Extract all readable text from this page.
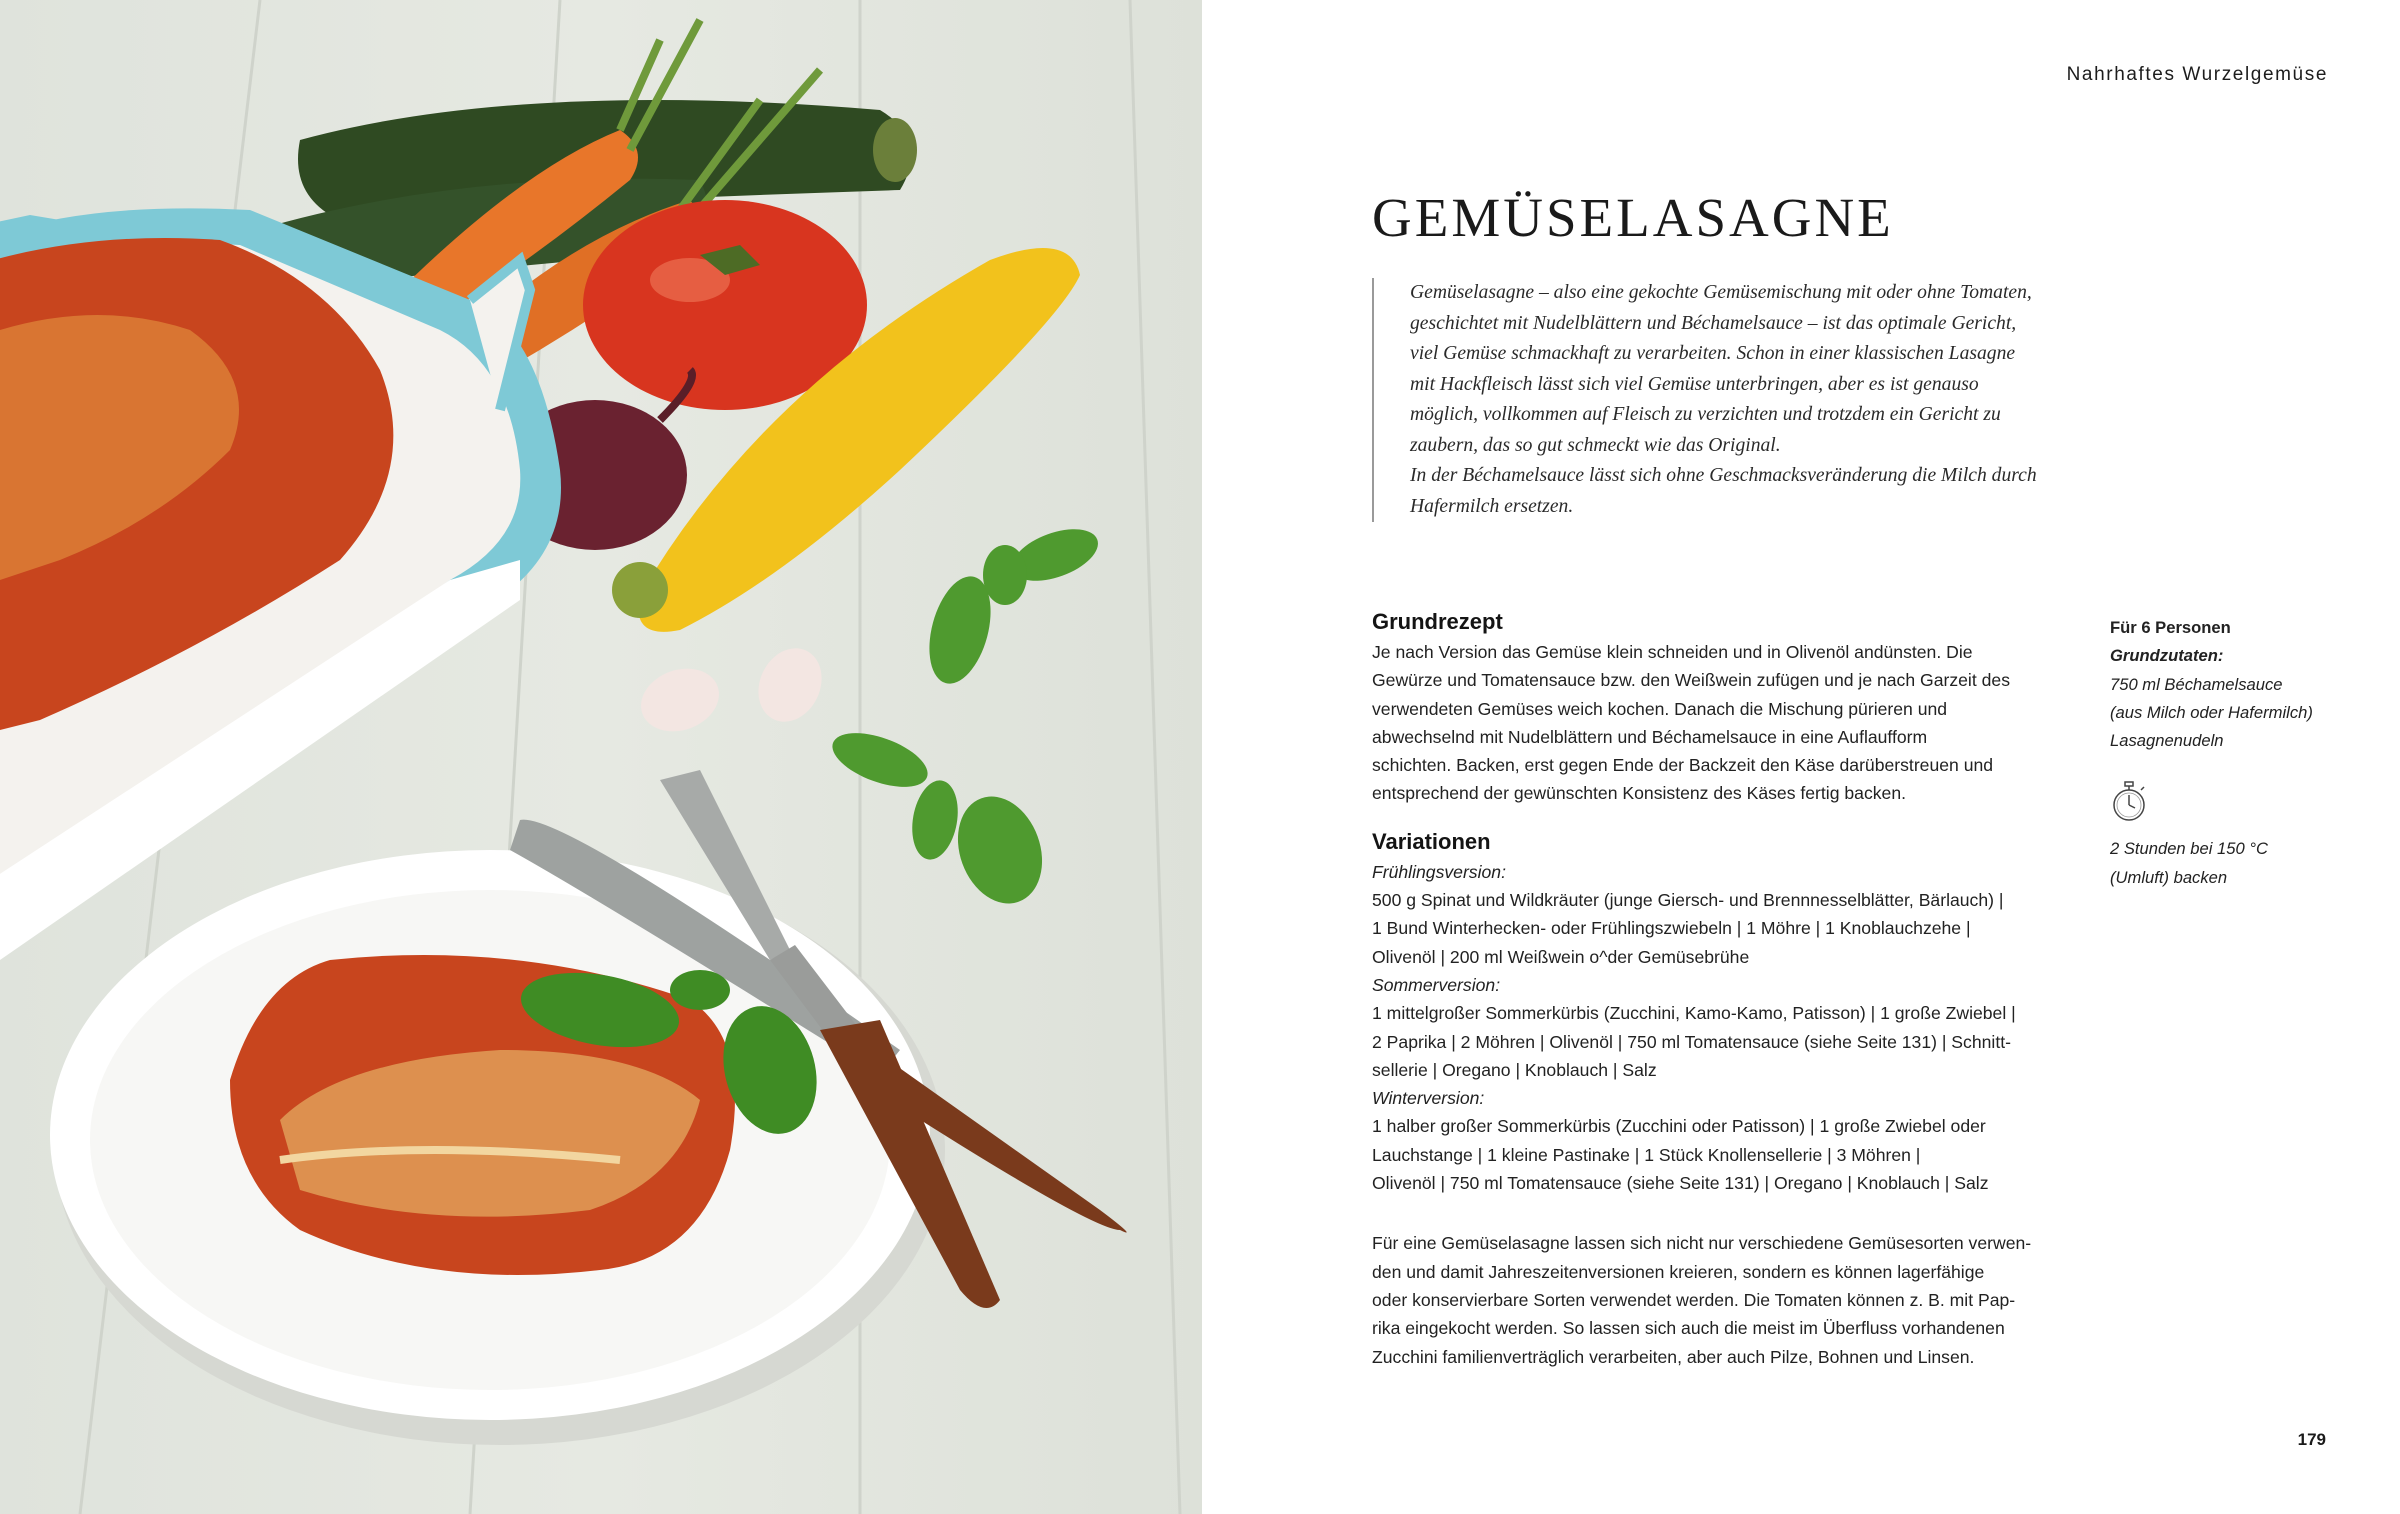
Nahrhaftes Wurzelgemüse
GEMÜSELASAGNE

Gemüselasagne – also eine gekochte Gemüsemischung mit oder ohne Tomaten,

geschichtet mit Nudelblättern und Béchamelsauce – ist das optimale Gericht,

viel Gemüse schmackhaft zu verarbeiten. Schon in einer klassischen Lasagne

mit Hackfleisch lässt sich viel Gemüse unterbringen, aber es ist genauso

möglich, vollkommen auf Fleisch zu verzichten und trotzdem ein Gericht zu

zaubern, das so gut schmeckt wie das Original.

In der Béchamelsauce lässt sich ohne Geschmacksveränderung die Milch durch

Hafermilch ersetzen.

Grundrezept

Je nach Version das Gemüse klein schneiden und in Olivenöl andünsten. Die

Gewürze und Tomatensauce bzw. den Weißwein zufügen und je nach Garzeit des

verwendeten Gemüses weich kochen. Danach die Mischung pürieren und

abwechselnd mit Nudelblättern und Béchamelsauce in eine Auflaufform

schichten. Backen, erst gegen Ende der Backzeit den Käse darüberstreuen und

entsprechend der gewünschten Konsistenz des Käses fertig backen.

Variationen

Frühlingsversion:

500 g Spinat und Wildkräuter (junge Giersch- und Brennnesselblätter, Bärlauch) |

1 Bund Winterhecken- oder Frühlingszwiebeln | 1 Möhre | 1 Knoblauchzehe |

Olivenöl | 200 ml Weißwein o^der Gemüsebrühe

Sommerversion:

1 mittelgroßer Sommerkürbis (Zucchini, Kamo-Kamo, Patisson) | 1 große Zwiebel |

2 Paprika | 2 Möhren | Olivenöl | 750 ml Tomatensauce (siehe Seite 131) | Schnitt-

sellerie | Oregano | Knoblauch | Salz

Winterversion:

1 halber großer Sommerkürbis (Zucchini oder Patisson) | 1 große Zwiebel oder

Lauchstange | 1 kleine Pastinake | 1 Stück Knollensellerie | 3 Möhren |

Olivenöl | 750 ml Tomatensauce (siehe Seite 131) | Oregano | Knoblauch | Salz

Für eine Gemüselasagne lassen sich nicht nur verschiedene Gemüsesorten verwen-

den und damit Jahreszeitenversionen kreieren, sondern es können lagerfähige

oder konservierbare Sorten verwendet werden. Die Tomaten können z. B. mit Pap-

rika eingekocht werden. So lassen sich auch die meist im Überfluss vorhandenen

Zucchini familienverträglich verarbeiten, aber auch Pilze, Bohnen und Linsen.

Für 6 Personen

Grundzutaten:

750 ml Béchamelsauce

(aus Milch oder Hafermilch)

Lasagnenudeln

2 Stunden bei 150 °C

(Umluft) backen

179
